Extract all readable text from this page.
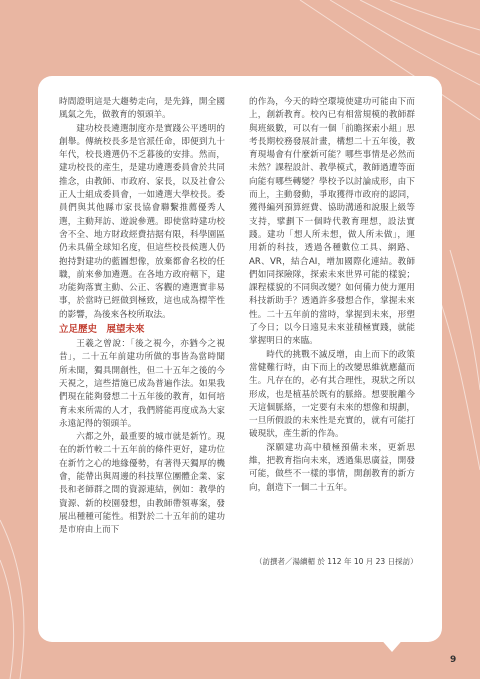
時間證明這是大趨勢走向，是先鋒，開全國風氣之先，做教育的領頭羊。

建功校長遴選制度亦是實踐公平透明的創舉。傳統校長多是官派任命，即便到九十年代，校長遴選仍不乏暮後的安排。然而，建功校長的產生，是建功遴選委員會於共同推念，由教師、市政府、家長，以及社會公正人士組成委員會，一如遴選大學校長。委員們與其他縣市家長協會聯繫推薦優秀人選，主動拜訪、遊說參選。即使當時建功校舍不全、地方財政經費拮据有限，科學園區仍未具備全球知名度，但這些校長候選人仍抱持對建功的藍圖想像，放棄都會名校的任職，前來參加遴選。在各地方政府轄下，建功能夠落實主動、公正、客觀的遴選實非易事，於當時已經做到極致，這也成為標竿性的影響，為後來各校所取法。

立足歷史　展望未來

王羲之曾說：「後之視今，亦猶今之視昔」，二十五年前建功所做的事皆為當時聞所未聞，獨具開創性，但二十五年之後的今天視之，這些措施已成為普遍作法。如果我們現在能夠發想二十五年後的教育，如何培育未來所需的人才，我們將能再度成為大家永遠記得的領頭羊。

六都之外，最重要的城市就是新竹。現在的新竹較二十五年前的條件更好，建功位在新竹之心的地緣優勢，有著得天獨厚的機會，能帶出與周邊的科技單位團體企業、家長和老師群之間的資源連結，例如：教學的資源、新的校園發想，由教師帶領專案，發展出種種可能性。相對於二十五年前的建功是市府由上而下

的作為，今天的時空環境使建功可能由下而上，創新教育。校內已有相當規模的教師群與班級數，可以有一個「前瞻探索小組」思考長期校務發展計畫，構想二十五年後，教育現場會有什麼新可能？哪些事情是必然而未然？課程設計、教學模式，教師過遭等面向能有哪些轉變？學校予以討論成形，由下而上，主動發動，爭取獲得市政府的認同，獲得編列預算經費、協助溝通和說服上級等支持，擘劃下一個時代教育理想，設法實踐。建功「想人所未想，做人所未做」，運用新的科技，透過各種數位工具、網路、AR、VR，結合AI，增加國際化連結。教師們如同探險隊，探索未來世界可能的樣貌；課程樣貌的不同與改變？如何備力使力運用科技新助手？透過許多發想合作，掌握未來性。二十五年前的當時，掌握到未來，形塑了今日；以今日遠見未來並積極實踐，就能掌握明日的來臨。

時代的挑戰不滅反增，由上而下的政策當健難行時，由下而上的改變思維就應蘊而生。凡存在的，必有其合理性，現狀之所以形成，也是植基於既有的脈絡。想要脫離今天這個脈絡，一定要有未來的想像和規劃，一旦所假設的未來性是充實的，就有可能打破現狀，產生新的作為。

深願建功高中積極預備未來，更新思維，把教育指向未來，透過集思廣益，開發可能，做些不一樣的事情，開創教育的新方向，創造下一個二十五年。

（訪撰者／湯續楣 於 112 年 10 月 23 日採訪）
9
